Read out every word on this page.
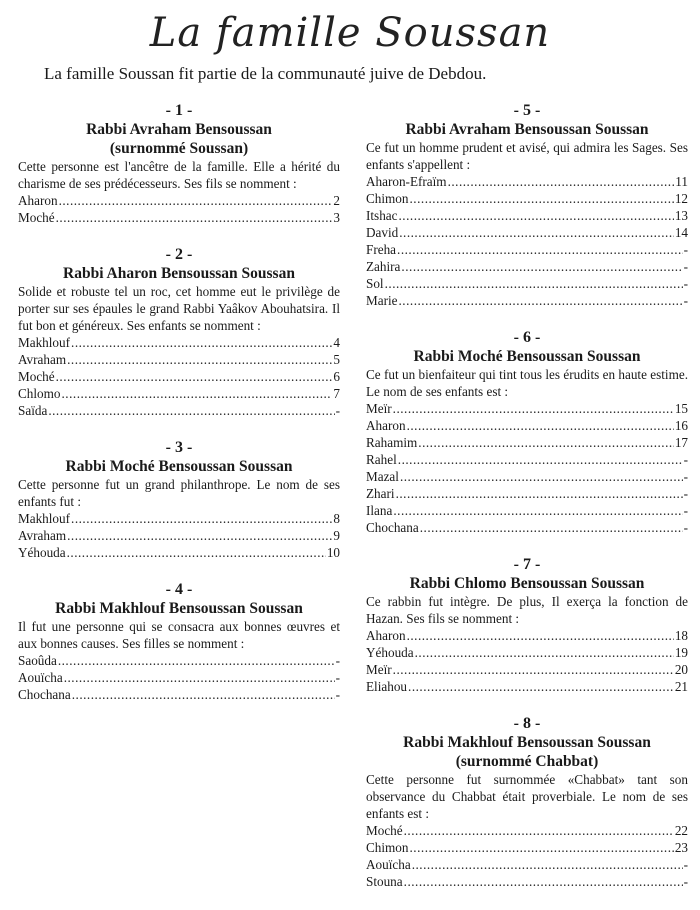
La famille Soussan
La famille Soussan fit partie de la communauté juive de Debdou.
- 1 -
Rabbi Avraham Bensoussan
(surnommé Soussan)
Cette personne est l'ancêtre de la famille. Elle a hérité du charisme de ses prédécesseurs. Ses fils se nomment :
Aharon .....	2
Moché .....	3
- 2 -
Rabbi Aharon Bensoussan Soussan
Solide et robuste tel un roc, cet homme eut le privilège de porter sur ses épaules le grand Rabbi Yaâkov Abouhatsira. Il fut bon et généreux. Ses enfants se nomment :
Makhlouf .....	4
Avraham .....	5
Moché .....	6
Chlomo .....	7
Saïda .....	-
- 3 -
Rabbi Moché Bensoussan Soussan
Cette personne fut un grand philanthrope. Le nom de ses enfants fut :
Makhlouf .....	8
Avraham .....	9
Yéhouda .....	10
- 4 -
Rabbi Makhlouf Bensoussan Soussan
Il fut une personne qui se consacra aux bonnes œuvres et aux bonnes causes. Ses filles se nomment :
Saoûda .....	-
Aouïcha .....	-
Chochana .....	-
- 5 -
Rabbi Avraham Bensoussan Soussan
Ce fut un homme prudent et avisé, qui admira les Sages. Ses enfants s'appellent :
Aharon-Efraïm .....	11
Chimon .....	12
Itshac .....	13
David .....	14
Freha .....	-
Zahira .....	-
Sol .....	-
Marie .....	-
- 6 -
Rabbi Moché Bensoussan Soussan
Ce fut un bienfaiteur qui tint tous les érudits en haute estime. Le nom de ses enfants est :
Meïr .....	15
Aharon .....	16
Rahamim .....	17
Rahel .....	-
Mazal .....	-
Zhari .....	-
Ilana .....	-
Chochana .....	-
- 7 -
Rabbi Chlomo Bensoussan Soussan
Ce rabbin fut intègre. De plus, Il exerça la fonction de Hazan. Ses fils se nomment :
Aharon .....	18
Yéhouda .....	19
Meïr .....	20
Eliahou .....	21
- 8 -
Rabbi Makhlouf Bensoussan Soussan
(surnommé Chabbat)
Cette personne fut surnommée «Chabbat» tant son observance du Chabbat était proverbiale. Le nom de ses enfants est :
Moché .....	22
Chimon .....	23
Aouïcha .....	-
Stouna .....	-
